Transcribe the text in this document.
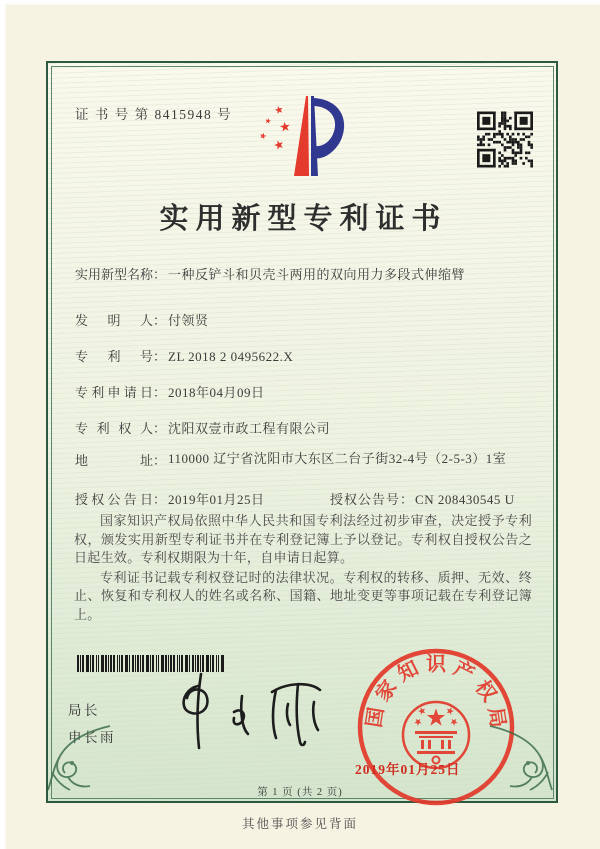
证 书 号 第 8415948 号
实用新型专利证书
实用新型名称： 一种反铲斗和贝壳斗两用的双向用力多段式伸缩臂
发明人： 付领贤
专利号： ZL 2018 2 0495622.X
专利申请日： 2018年04月09日
专利权人： 沈阳双壹市政工程有限公司
地址： 110000 辽宁省沈阳市大东区二台子街32-4号（2-5-3）1室
授权公告日： 2019年01月25日	授权公告号： CN 208430545 U

国家知识产权局依照中华人民共和国专利法经过初步审查，决定授予专利权，颁发实用新型专利证书并在专利登记簿上予以登记。专利权自授权公告之日起生效。专利权期限为十年，自申请日起算。

专利证书记载专利权登记时的法律状况。专利权的转移、质押、无效、终止、恢复和专利权人的姓名或名称、国籍、地址变更等事项记载在专利登记簿上。

局长
申长雨
国
家
知 识 产
权
局
2019年01月25日
第 1 页 (共 2 页)
其他事项参见背面
